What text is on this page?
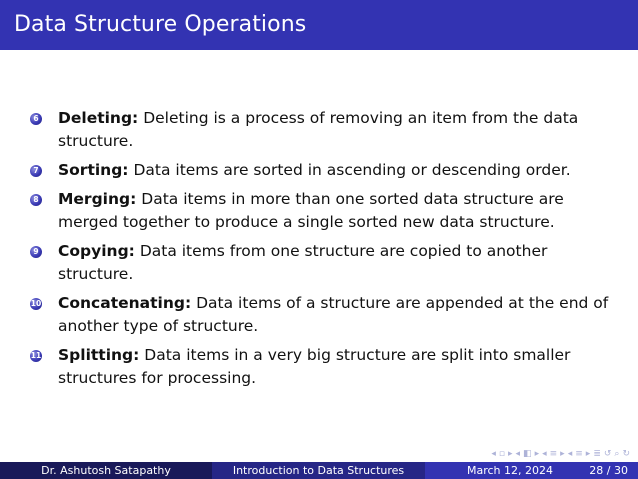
Data Structure Operations
6 Deleting: Deleting is a process of removing an item from the data structure.
7 Sorting: Data items are sorted in ascending or descending order.
8 Merging: Data items in more than one sorted data structure are merged together to produce a single sorted new data structure.
9 Copying: Data items from one structure are copied to another structure.
10 Concatenating: Data items of a structure are appended at the end of another type of structure.
11 Splitting: Data items in a very big structure are split into smaller structures for processing.
◂ ▫ ▸ ◂ ◧ ▸ ◂ ≡ ▸ ◂ ≡ ▸ ≣ ↺ ⌕ ↻
Dr. Ashutosh Satapathy	Introduction to Data Structures	March 12, 2024	28 / 30
